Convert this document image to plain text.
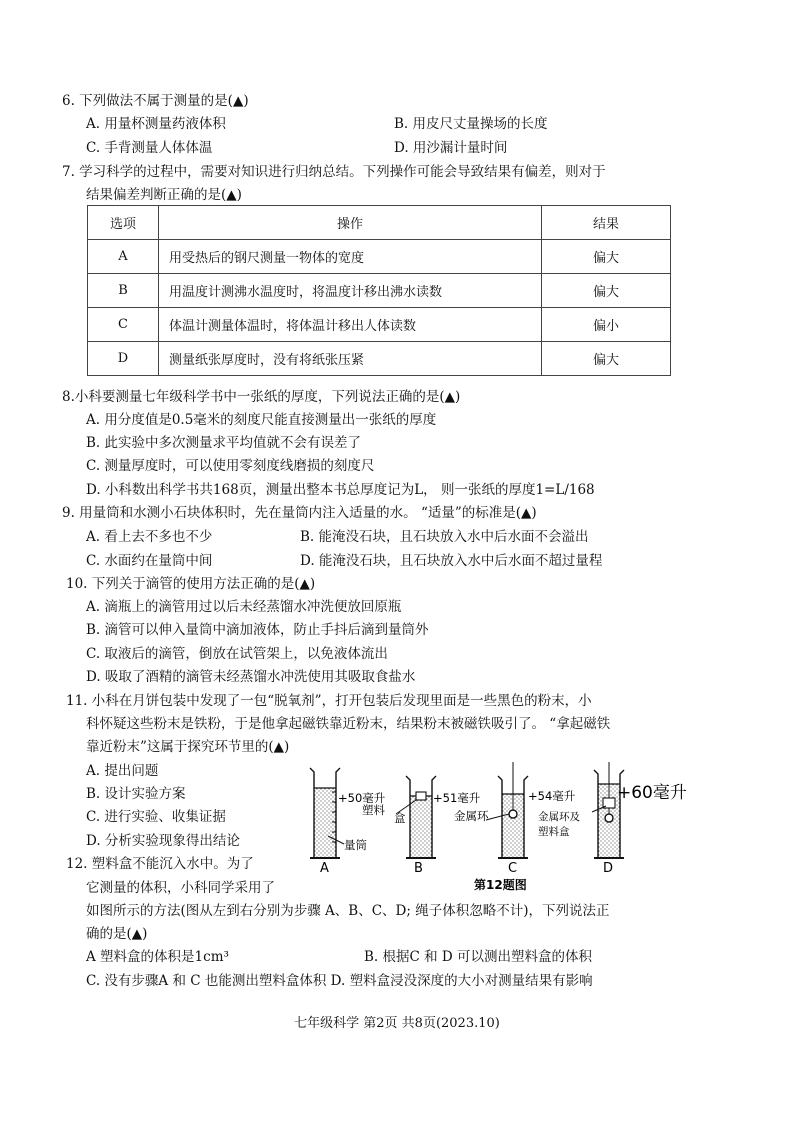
6. 下列做法不属于测量的是(▲)
A. 用量杯测量药液体积	B. 用皮尺丈量操场的长度
C. 手背测量人体体温	D. 用沙漏计量时间
7. 学习科学的过程中，需要对知识进行归纳总结。下列操作可能会导致结果有偏差，则对于
结果偏差判断正确的是(▲)
选项	操作	结果
A	用受热后的钢尺测量一物体的宽度	偏大
B	用温度计测沸水温度时，将温度计移出沸水读数	偏大
C	体温计测量体温时，将体温计移出人体读数	偏小
D	测量纸张厚度时，没有将纸张压紧	偏大
8.小科要测量七年级科学书中一张纸的厚度，下列说法正确的是(▲)
A. 用分度值是0.5毫米的刻度尺能直接测量出一张纸的厚度
B. 此实验中多次测量求平均值就不会有误差了
C. 测量厚度时，可以使用零刻度线磨损的刻度尺
D. 小科数出科学书共168页，测量出整本书总厚度记为L， 则一张纸的厚度1=L/168
9. 用量筒和水测小石块体积时，先在量筒内注入适量的水。 “适量”的标准是(▲)
A. 看上去不多也不少	B. 能淹没石块，且石块放入水中后水面不会溢出
C. 水面约在量筒中间	D. 能淹没石块，且石块放入水中后水面不超过量程
10. 下列关于滴管的使用方法正确的是(▲)
A. 滴瓶上的滴管用过以后未经蒸馏水冲洗便放回原瓶
B. 滴管可以伸入量筒中滴加液体，防止手抖后滴到量筒外
C. 取液后的滴管，倒放在试管架上，以免液体流出
D. 吸取了酒精的滴管未经蒸馏水冲洗使用其吸取食盐水
11. 小科在月饼包装中发现了一包“脱氧剂”，打开包装后发现里面是一些黑色的粉末，小
科怀疑这些粉末是铁粉，于是他拿起磁铁靠近粉末，结果粉末被磁铁吸引了。 “拿起磁铁
靠近粉末”这属于探究环节里的(▲)
A. 提出问题
B. 设计实验方案
C. 进行实验、收集证据
D. 分析实验现象得出结论
12. 塑料盒不能沉入水中。为了
它测量的体积，小科同学采用了
如图所示的方法(图从左到右分别为步骤 A、B、C、D; 绳子体积忽略不计)，下列说法正
确的是(▲)
A 塑料盒的体积是1cm³	B. 根据C 和 D 可以测出塑料盒的体积
C. 没有步骤A 和 C 也能测出塑料盒体积 D. 塑料盒浸没深度的大小对测量结果有影响
+50毫升
量筒
A
+51毫升
塑料
盒
B
+54毫升
金属环
C
+60毫升
金属环及
塑料盒
D
第12题图
七年级科学 第2页 共8页(2023.10)
